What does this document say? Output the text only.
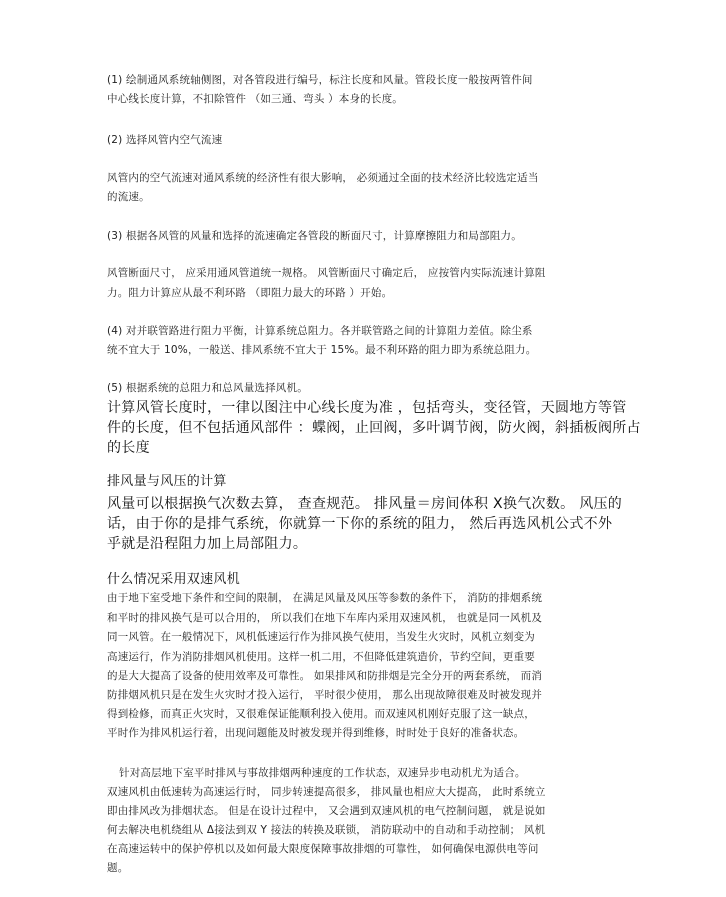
(1) 绘制通风系统轴侧图，对各管段进行编号，标注长度和风量。管段长度一般按两管件间
中心线长度计算，不扣除管件 （如三通、弯头 ）本身的长度。
(2) 选择风管内空气流速
风管内的空气流速对通风系统的经济性有很大影响， 必须通过全面的技术经济比较选定适当
的流速。
(3) 根据各风管的风量和选择的流速确定各管段的断面尺寸，计算摩擦阻力和局部阻力。
风管断面尺寸， 应采用通风管道统一规格。 风管断面尺寸确定后， 应按管内实际流速计算阻
力。阻力计算应从最不利环路 （即阻力最大的环路 ）开始。
(4) 对并联管路进行阻力平衡，计算系统总阻力。各并联管路之间的计算阻力差值。除尘系
统不宜大于 10%，一般送、排风系统不宜大于 15%。最不利环路的阻力即为系统总阻力。
(5) 根据系统的总阻力和总风量选择风机。
计算风管长度时，一律以图注中心线长度为准 ，包括弯头，变径管，天圆地方等管
件的长度，但不包括通风部件 ：蝶阀，止回阀，多叶调节阀，防火阀，斜插板阀所占
的长度
排风量与风压的计算
风量可以根据换气次数去算， 查查规范。 排风量＝房间体积 X换气次数。 风压的
话，由于你的是排气系统，你就算一下你的系统的阻力， 然后再选风机公式不外
乎就是沿程阻力加上局部阻力。
什么情况采用双速风机
由于地下室受地下条件和空间的限制， 在满足风量及风压等参数的条件下， 消防的排烟系统
和平时的排风换气是可以合用的， 所以我们在地下车库内采用双速风机， 也就是同一风机及
同一风管。在一般情况下，风机低速运行作为排风换气使用，当发生火灾时，风机立刻变为
高速运行，作为消防排烟风机使用。这样一机二用，不但降低建筑造价，节约空间，更重要
的是大大提高了设备的使用效率及可靠性。 如果排风和防排烟是完全分开的两套系统， 而消
防排烟风机只是在发生火灾时才投入运行， 平时很少使用， 那么出现故障很难及时被发现并
得到检修，而真正火灾时，又很难保证能顺利投入使用。而双速风机刚好克服了这一缺点，
平时作为排风机运行着，出现问题能及时被发现并得到维修，时时处于良好的准备状态。
针对高层地下室平时排风与事故排烟两种速度的工作状态，双速异步电动机尤为适合。
双速风机由低速转为高速运行时， 同步转速提高很多， 排风量也相应大大提高， 此时系统立
即由排风改为排烟状态。 但是在设计过程中， 又会遇到双速风机的电气控制问题， 就是说如
何去解决电机绕组从 Δ接法到双 Y 接法的转换及联锁， 消防联动中的自动和手动控制； 风机
在高速运转中的保护停机以及如何最大限度保障事故排烟的可靠性， 如何确保电源供电等问
题。
